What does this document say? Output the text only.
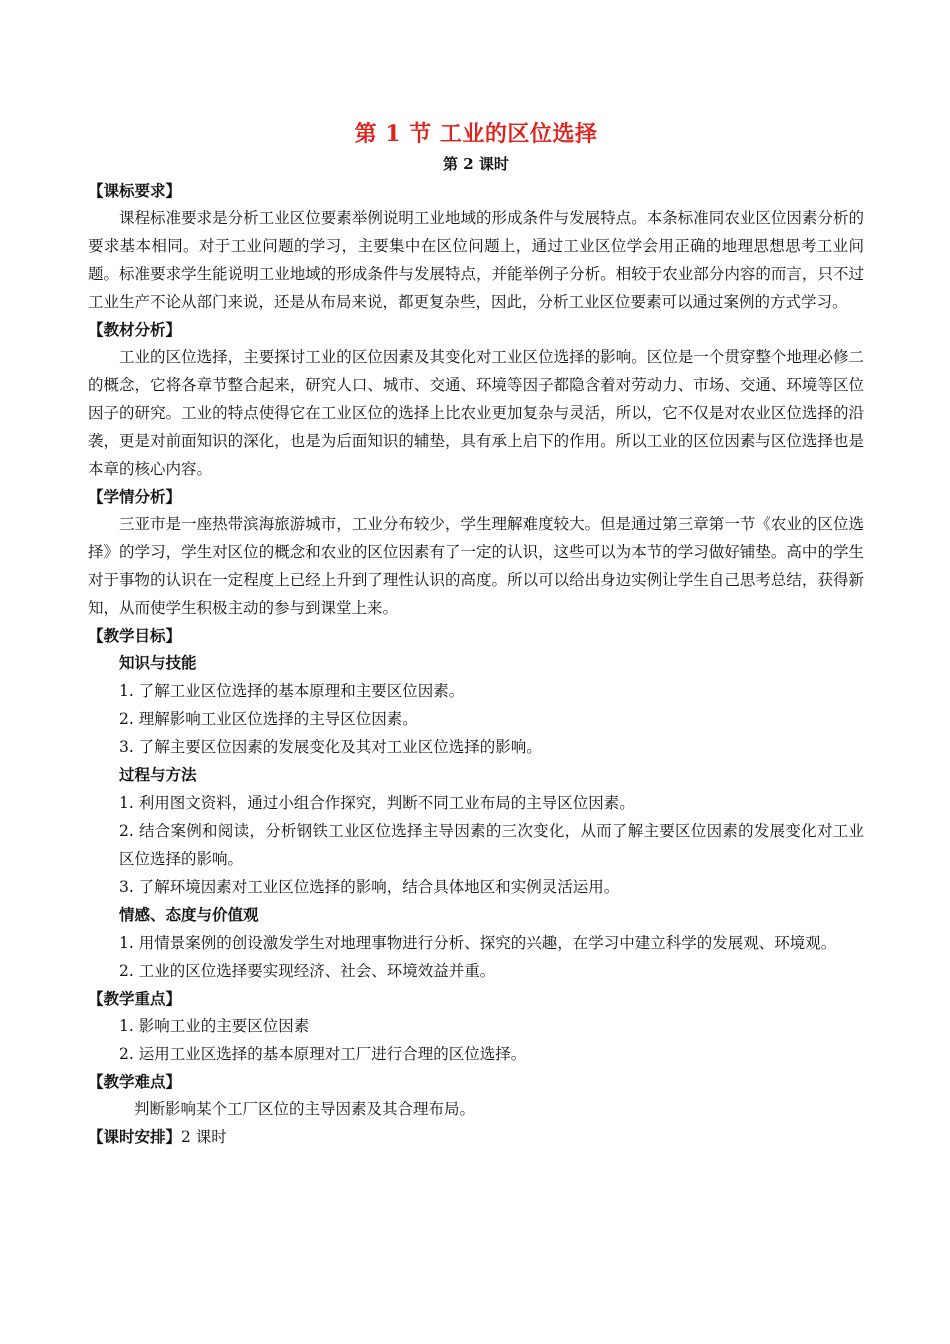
第 1 节 工业的区位选择
第 2 课时
【课标要求】

课程标准要求是分析工业区位要素举例说明工业地域的形成条件与发展特点。本条标准同农业区位因素分析的要求基本相同。对于工业问题的学习，主要集中在区位问题上，通过工业区位学会用正确的地理思想思考工业问题。标准要求学生能说明工业地域的形成条件与发展特点，并能举例子分析。相较于农业部分内容的而言，只不过工业生产不论从部门来说，还是从布局来说，都更复杂些，因此，分析工业区位要素可以通过案例的方式学习。

【教材分析】

工业的区位选择，主要探讨工业的区位因素及其变化对工业区位选择的影响。区位是一个贯穿整个地理必修二的概念，它将各章节整合起来，研究人口、城市、交通、环境等因子都隐含着对劳动力、市场、交通、环境等区位因子的研究。工业的特点使得它在工业区位的选择上比农业更加复杂与灵活，所以，它不仅是对农业区位选择的沿袭，更是对前面知识的深化，也是为后面知识的辅垫，具有承上启下的作用。所以工业的区位因素与区位选择也是本章的核心内容。

【学情分析】

三亚市是一座热带滨海旅游城市，工业分布较少，学生理解难度较大。但是通过第三章第一节《农业的区位选择》的学习，学生对区位的概念和农业的区位因素有了一定的认识，这些可以为本节的学习做好铺垫。高中的学生对于事物的认识在一定程度上已经上升到了理性认识的高度。所以可以给出身边实例让学生自己思考总结，获得新知，从而使学生积极主动的参与到课堂上来。

【教学目标】
知识与技能
1. 了解工业区位选择的基本原理和主要区位因素。
2. 理解影响工业区位选择的主导区位因素。
3. 了解主要区位因素的发展变化及其对工业区位选择的影响。
过程与方法
1. 利用图文资料，通过小组合作探究，判断不同工业布局的主导区位因素。
2. 结合案例和阅读，分析钢铁工业区位选择主导因素的三次变化，从而了解主要区位因素的发展变化对工业区位选择的影响。
3. 了解环境因素对工业区位选择的影响，结合具体地区和实例灵活运用。
情感、态度与价值观
1. 用情景案例的创设激发学生对地理事物进行分析、探究的兴趣，在学习中建立科学的发展观、环境观。
2. 工业的区位选择要实现经济、社会、环境效益并重。
【教学重点】
1. 影响工业的主要区位因素
2. 运用工业区选择的基本原理对工厂进行合理的区位选择。
【教学难点】

判断影响某个工厂区位的主导因素及其合理布局。

【课时安排】2 课时
